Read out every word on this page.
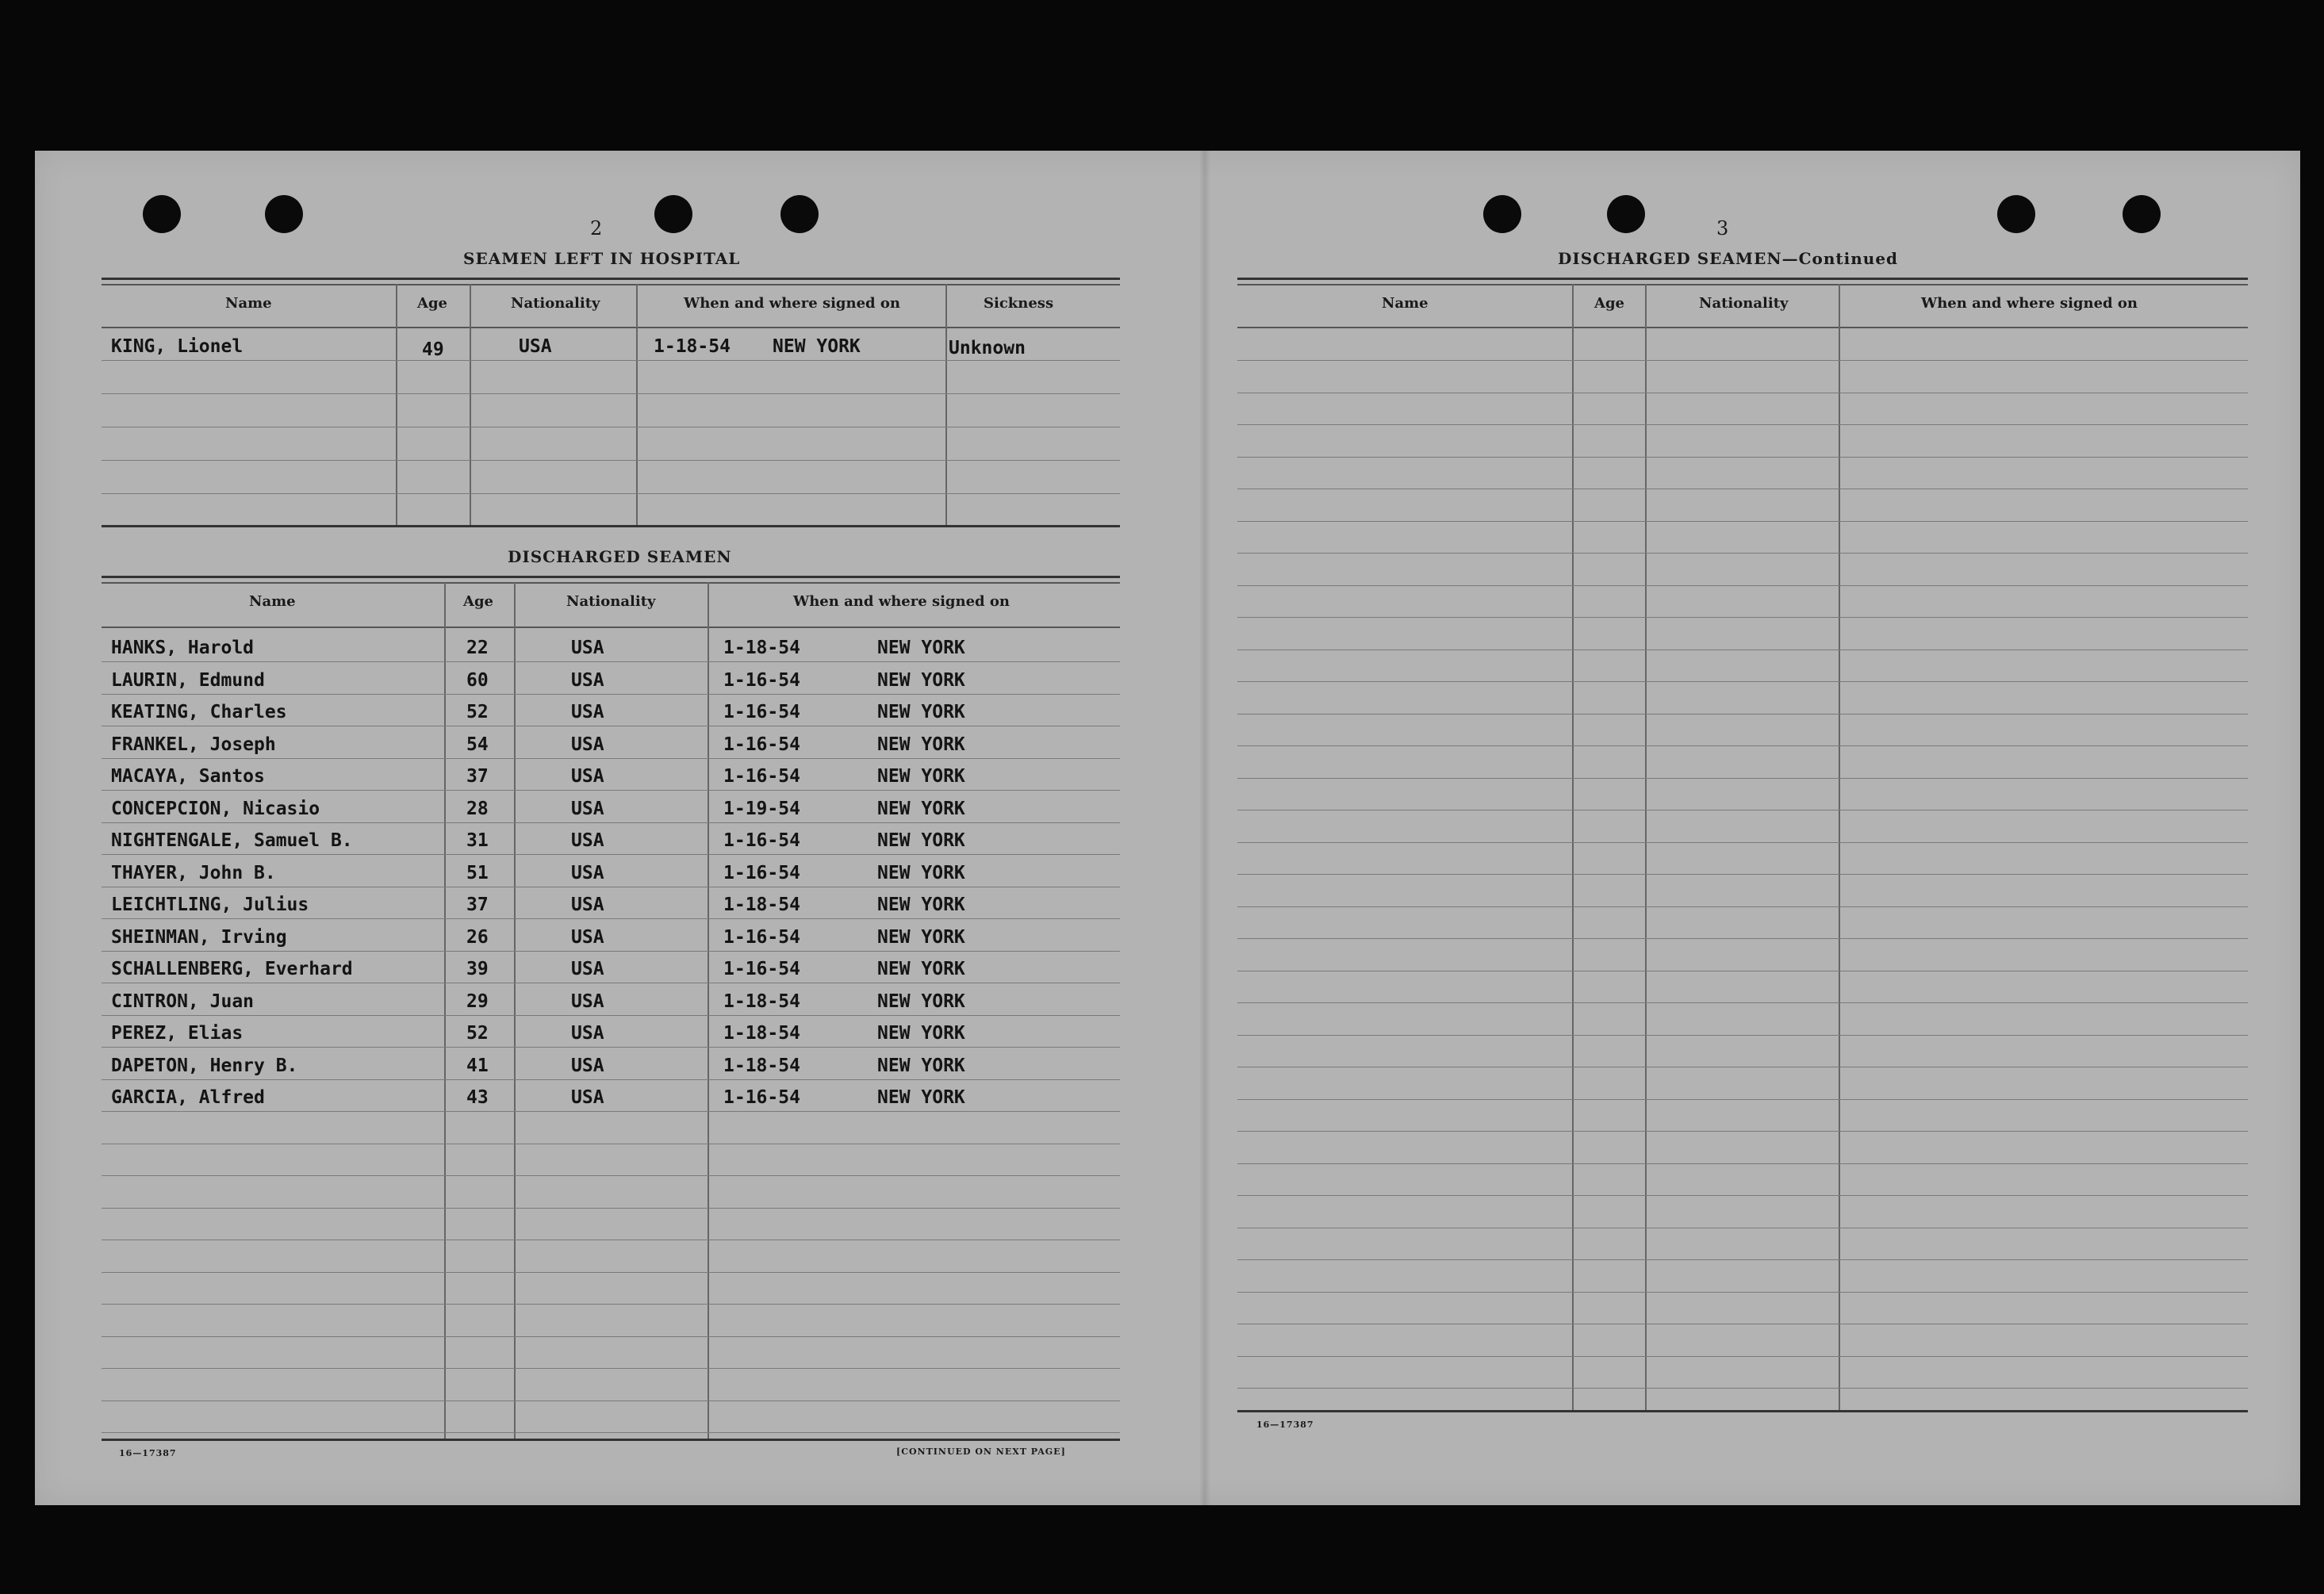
2
SEAMEN LEFT IN HOSPITAL
Name	Age	Nationality	When and where signed on	Sickness
KING, Lionel	49	USA	1-18-54 NEW YORK	Unknown
DISCHARGED SEAMEN
Name	Age	Nationality	When and where signed on
HANKS, Harold	22	USA	1-18-54	NEW YORK
LAURIN, Edmund	60	USA	1-16-54	NEW YORK
KEATING, Charles	52	USA	1-16-54	NEW YORK
FRANKEL, Joseph	54	USA	1-16-54	NEW YORK
MACAYA, Santos	37	USA	1-16-54	NEW YORK
CONCEPCION, Nicasio	28	USA	1-19-54	NEW YORK
NIGHTENGALE, Samuel B.	31	USA	1-16-54	NEW YORK
THAYER, John B.	51	USA	1-16-54	NEW YORK
LEICHTLING, Julius	37	USA	1-18-54	NEW YORK
SHEINMAN, Irving	26	USA	1-16-54	NEW YORK
SCHALLENBERG, Everhard	39	USA	1-16-54	NEW YORK
CINTRON, Juan	29	USA	1-18-54	NEW YORK
PEREZ, Elias	52	USA	1-18-54	NEW YORK
DAPETON, Henry B.	41	USA	1-18-54	NEW YORK
GARCIA, Alfred	43	USA	1-16-54	NEW YORK
16—17387	[CONTINUED ON NEXT PAGE]
3
DISCHARGED SEAMEN—Continued
Name	Age	Nationality	When and where signed on
16—17387
